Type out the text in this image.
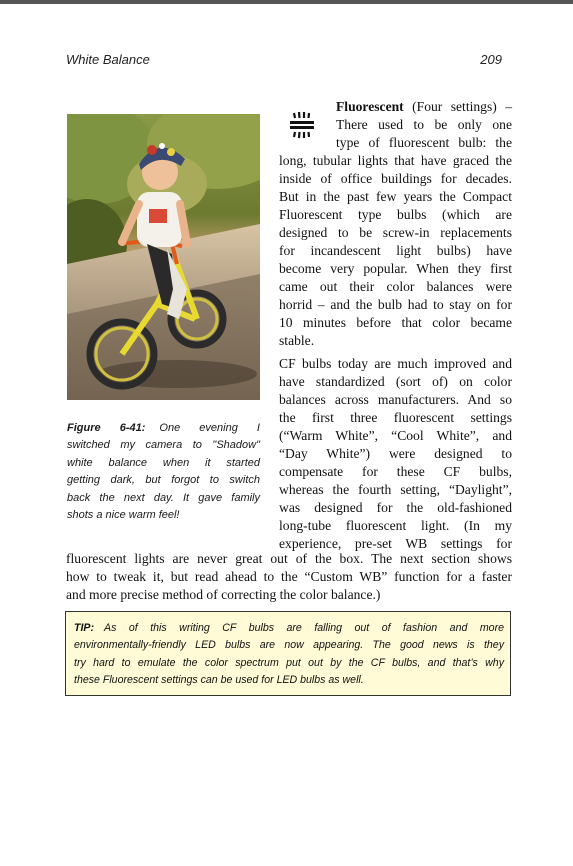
White Balance	209
Figure 6-41: One evening I
switched my camera to "Shadow"
white balance when it started
getting dark, but forgot to switch
back the next day. It gave family
shots a nice warm feel!
Fluorescent (Four settings) –
There used to be only one
type of fluorescent bulb: the
long, tubular lights that have graced the
inside of office buildings for decades.
But in the past few years the Compact
Fluorescent type bulbs (which are
designed to be screw-in replacements
for incandescent light bulbs) have
become very popular. When they first
came out their color balances were
horrid – and the bulb had to stay on for
10 minutes before that color became
stable.
CF bulbs today are much improved and
have standardized (sort of) on color
balances across manufacturers. And so
the first three fluorescent settings
(“Warm White”, “Cool White”, and
“Day White”) were designed to
compensate for these CF bulbs,
whereas the fourth setting, “Daylight”,
was designed for the old-fashioned
long-tube fluorescent light. (In my
experience, pre-set WB settings for
fluorescent lights are never great out of the box. The next section shows
how to tweak it, but read ahead to the “Custom WB” function for a faster
and more precise method of correcting the color balance.)
TIP: As of this writing CF bulbs are falling out of fashion and more
environmentally-friendly LED bulbs are now appearing. The good news is they
try hard to emulate the color spectrum put out by the CF bulbs, and that’s why
these Fluorescent settings can be used for LED bulbs as well.
